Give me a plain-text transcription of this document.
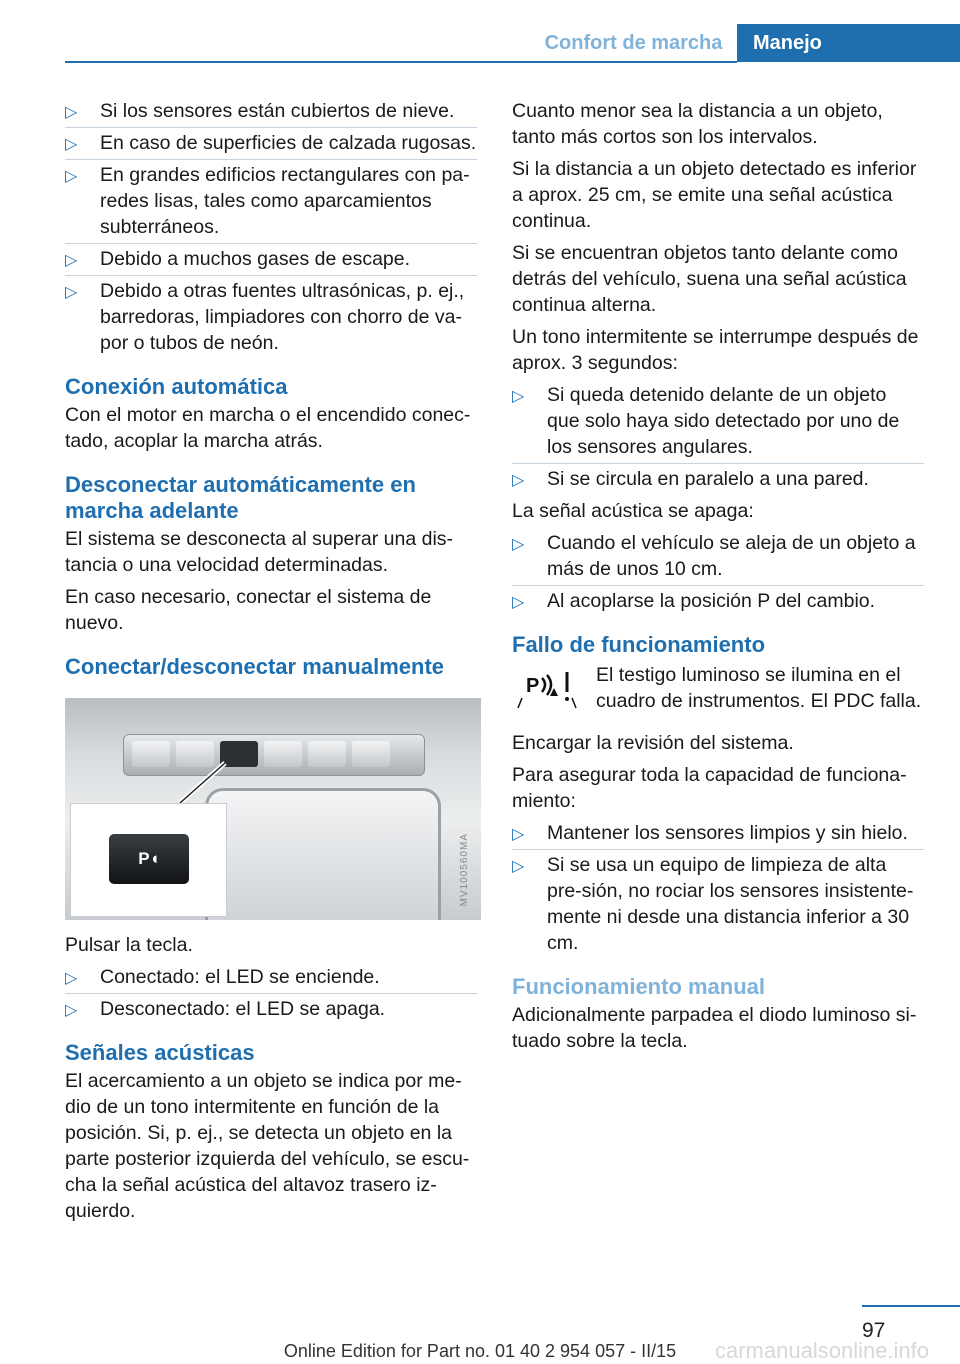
Confort de marcha	Manejo
▷ Si los sensores están cubiertos de nieve.
▷ En caso de superficies de calzada rugosas.
▷ En grandes edificios rectangulares con pa‐redes lisas, tales como aparcamientos subterráneos.
▷ Debido a muchos gases de escape.
▷ Debido a otras fuentes ultrasónicas, p. ej., barredoras, limpiadores con chorro de va‐por o tubos de neón.
Conexión automática

Con el motor en marcha o el encendido conec‐tado, acoplar la marcha atrás.

Desconectar automáticamente en marcha adelante

El sistema se desconecta al superar una dis‐tancia o una velocidad determinadas.

En caso necesario, conectar el sistema de nuevo.

Conectar/desconectar manualmente
P◖	MV100560MA

Pulsar la tecla.

▷ Conectado: el LED se enciende.
▷ Desconectado: el LED se apaga.
Señales acústicas

El acercamiento a un objeto se indica por me‐dio de un tono intermitente en función de la posición. Si, p. ej., se detecta un objeto en la parte posterior izquierda del vehículo, se escu‐cha la señal acústica del altavoz trasero iz‐quierdo.

Cuanto menor sea la distancia a un objeto, tanto más cortos son los intervalos.

Si la distancia a un objeto detectado es inferior a aprox. 25 cm, se emite una señal acústica continua.

Si se encuentran objetos tanto delante como detrás del vehículo, suena una señal acústica continua alterna.

Un tono intermitente se interrumpe después de aprox. 3 segundos:

▷ Si queda detenido delante de un objeto que solo haya sido detectado por uno de los sensores angulares.
▷ Si se circula en paralelo a una pared.

La señal acústica se apaga:

▷ Cuando el vehículo se aleja de un objeto a más de unos 10 cm.
▷ Al acoplarse la posición P del cambio.
Fallo de funcionamiento
P	El testigo luminoso se ilumina en el cuadro de instrumentos. El PDC falla.

Encargar la revisión del sistema.

Para asegurar toda la capacidad de funciona‐miento:

▷ Mantener los sensores limpios y sin hielo.
▷ Si se usa un equipo de limpieza de alta pre‐sión, no rociar los sensores insistente‐mente ni desde una distancia inferior a 30 cm.
Funcionamiento manual

Adicionalmente parpadea el diodo luminoso si‐tuado sobre la tecla.

97
carmanualsonline.info
Online Edition for Part no. 01 40 2 954 057 - II/15
